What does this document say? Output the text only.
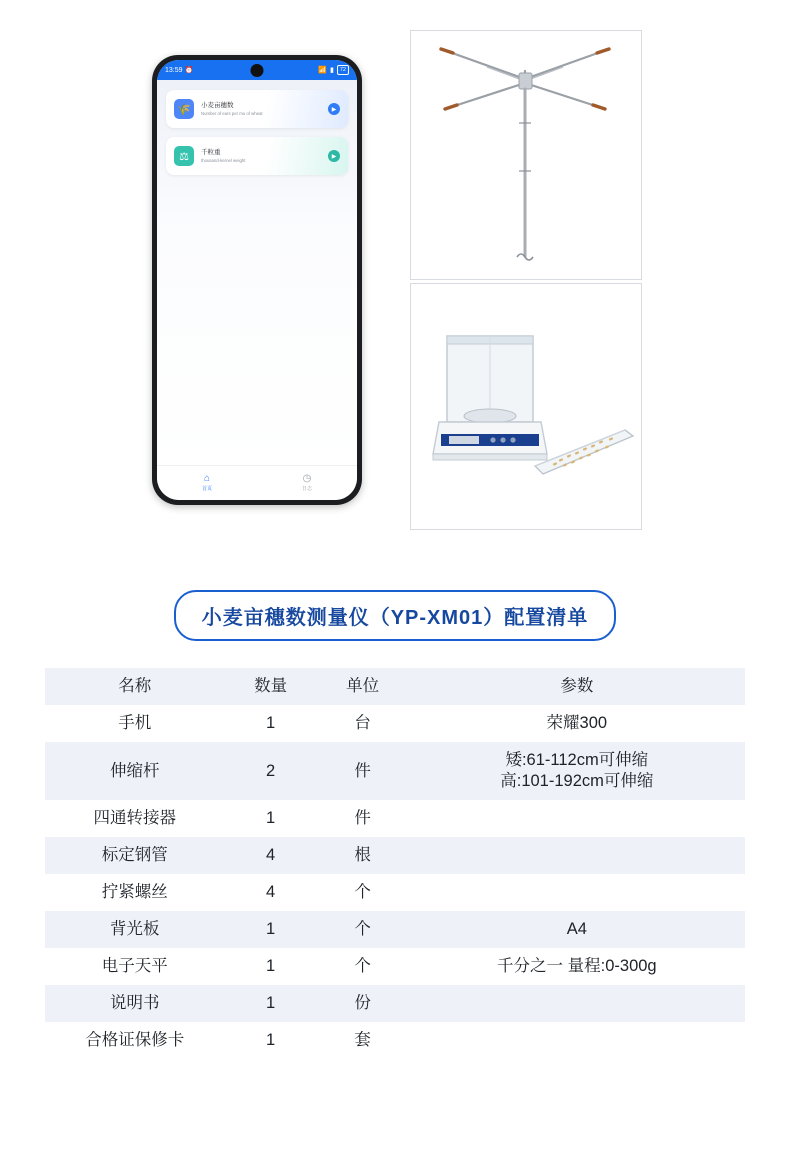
13:59 ⏰	📶 ▮	72
🌾	小麦亩穗数
Number of ears per mu of wheat
▶
⚖	千粒重
thousand-kernel weight
▶
⌂
首页
◷
日志
小麦亩穗数测量仪（YP-XM01）配置清单
名称	数量	单位	参数
手机	1	台	荣耀300
伸缩杆	2	件	矮:61-112cm可伸缩
高:101-192cm可伸缩

四通转接器	1	件	
标定钢管	4	根	
拧紧螺丝	4	个	
背光板	1	个	A4
电子天平	1	个	千分之一 量程:0-300g
说明书	1	份	
合格证保修卡	1	套	
